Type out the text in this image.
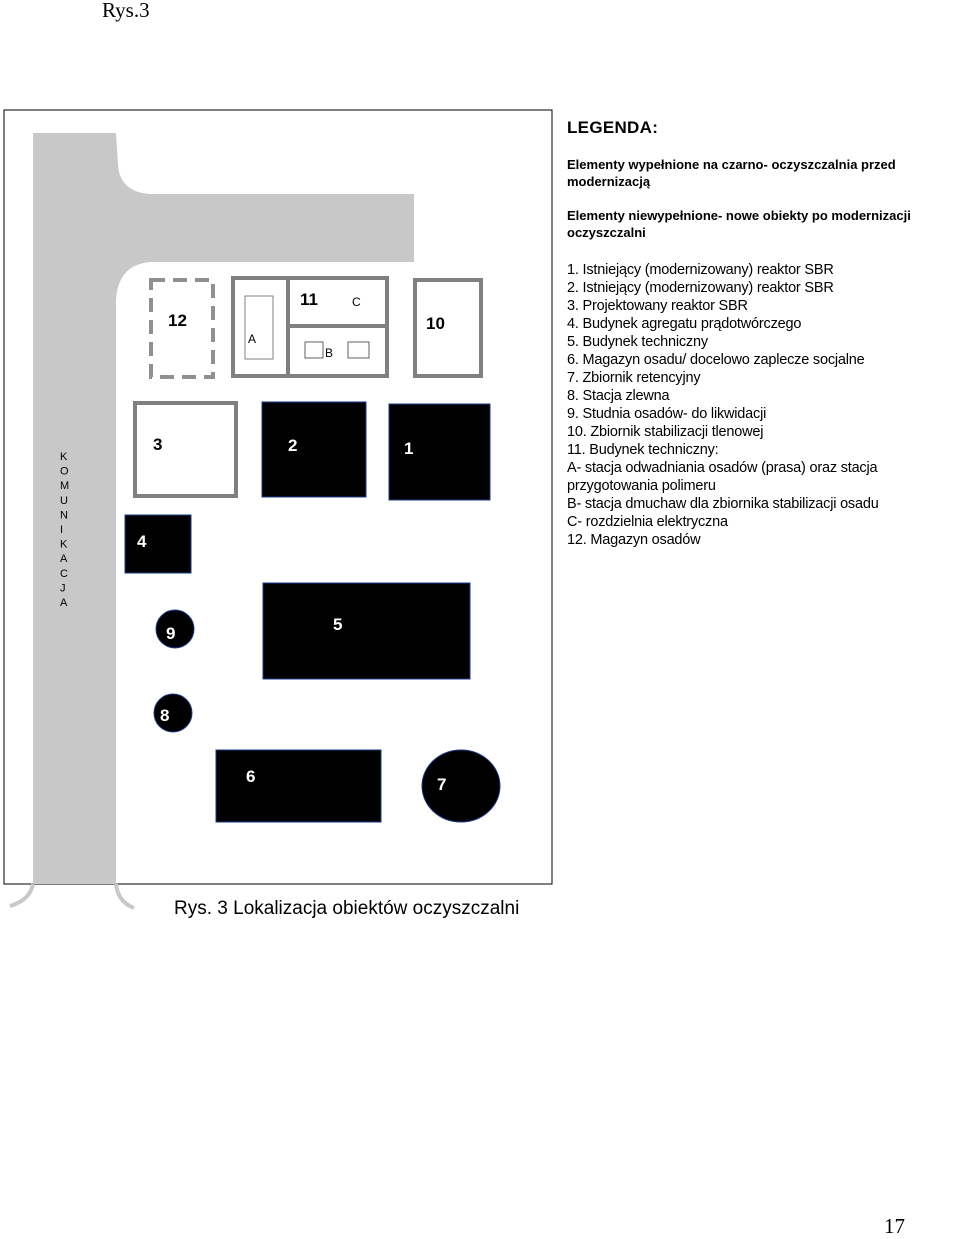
Rys.3
K
O
M
U
N
I
K
A
C
J
A
12
11	C
A
B
10
3	2	1
4
9	5
8
6	7
LEGENDA:
Elementy wypełnione na czarno- oczyszczalnia przed modernizacją
Elementy niewypełnione- nowe obiekty po modernizacji oczyszczalni
1. Istniejący (modernizowany) reaktor SBR
2. Istniejący (modernizowany) reaktor SBR
3. Projektowany reaktor SBR
4. Budynek agregatu prądotwórczego
5. Budynek techniczny
6. Magazyn osadu/ docelowo zaplecze socjalne
7. Zbiornik retencyjny
8. Stacja zlewna
9. Studnia osadów- do likwidacji
10. Zbiornik stabilizacji tlenowej
11. Budynek techniczny:
A- stacja odwadniania osadów (prasa) oraz stacja
przygotowania polimeru
B- stacja dmuchaw dla zbiornika stabilizacji osadu
C- rozdzielnia elektryczna
12. Magazyn osadów
Rys. 3 Lokalizacja obiektów oczyszczalni
17
